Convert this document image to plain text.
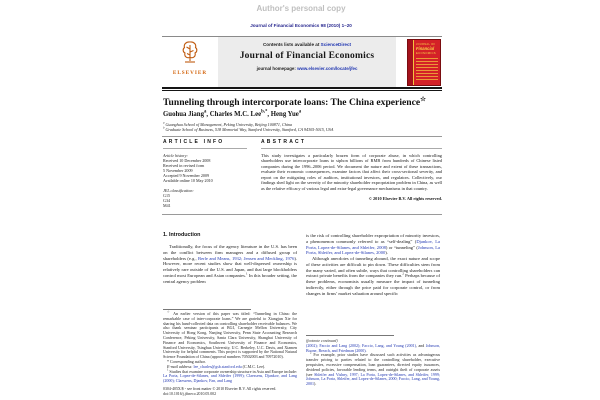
Author's personal copy
Journal of Financial Economics 98 (2010) 1–20
ELSEVIER
Contents lists available at ScienceDirect
Journal of Financial Economics
journal homepage: www.elsevier.com/locate/jfec
JOURNAL OF
Financial
ECONOMICS
Tunneling through intercorporate loans: The China experience☆
Guohua Jiang$^a$, Charles M.C. Lee$^{b,*}$, Heng Yue$^a$
$^a$ Guanghua School of Management, Peking University, Beijing 100871, China
$^b$ Graduate School of Business, 518 Memorial Way, Stanford University, Stanford, CA 94305-5015, USA
ARTICLE INFO
Article history:
Received 10 December 2008
Received in revised form
5 November 2009
Accepted 9 November 2009
Available online 10 May 2010
JEL classification:
G15
G34
M41
ABSTRACT
This study investigates a particularly brazen form of corporate abuse, in which controlling shareholders use intercorporate loans to siphon billions of RMB from hundreds of Chinese listed companies during the 1996–2006 period. We document the nature and extent of these transactions, evaluate their economic consequences, examine factors that affect their cross-sectional severity, and report on the mitigating roles of auditors, institutional investors, and regulators. Collectively, our findings shed light on the severity of the minority shareholder expropriation problem in China, as well as the relative efficacy of various legal and extra-legal governance mechanisms in that country.
© 2010 Elsevier B.V. All rights reserved.
1. Introduction
Traditionally, the focus of the agency literature in the U.S. has been on the conflict between firm managers and a diffused group of shareholders (e.g., Berle and Means, 1932; Jensen and Meckling, 1976). However, more recent studies show that well-dispersed ownership is relatively rare outside of the U.S. and Japan, and that large blockholders control most European and Asian companies.$^1$ In this broader setting, the central agency problem
☆ An earlier version of this paper was titled: “Tunneling in China: the remarkable case of inter-corporate loans.” We are grateful to Xiangjun Xie for sharing his hand-collected data on controlling shareholder receivable balances. We also thank seminar participants at BGI, Carnegie Mellon University, City University of Hong Kong, Nanjing University, Penn State Accounting Research Conference, Peking University, Santa Clara University, Shanghai University of Finance and Economics, Southwest University of Finance and Economics, Stanford University, Tsinghua University, U.C. Berkeley, U.C. Davis, and Xiamen University for helpful comments. This project is supported by the National Natural Science Foundation of China (approval numbers 70502003 and 70972010).
* Corresponding author.
E-mail address: lee_charles@gsb.stanford.edu (C.M.C. Lee).
$^1$ Studies that examine corporate ownership structure in Asia and Europe include: La Porta, Lopez-de-Silanes, and Shleifer (1999); Claessens, Djankov, and Lang (2000); Claessens, Djankov, Fan, and Lang
0304-405X/$ - see front matter © 2010 Elsevier B.V. All rights reserved.
doi:10.1016/j.jfineco.2010.05.002
is the risk of controlling shareholder expropriation of minority investors, a phenomenon commonly referred to as “self-dealing” (Djankov, La Porta, Lopez-de-Silanes, and Shleifer, 2008) or “tunneling” (Johnson, La Porta, Shleifer, and Lopez-de-Silanes, 2000).
Although anecdotes of tunneling abound, the exact nature and scope of these activities are difficult to pin down. These difficulties stem from the many varied, and often subtle, ways that controlling shareholders can extract private benefits from the companies they run.$^2$ Perhaps because of these problems, economists usually measure the impact of tunneling indirectly, either through the price paid for corporate control, or from changes in firms’ market valuation around specific
(footnote continued)
(2002); Faccio and Lang (2002); Faccio, Lang, and Young (2001), and Johnson, Boone, Breach, and Friedman (2000).
$^2$ For example, prior studies have discussed such activities as advantageous transfer pricing to parties related to the controlling shareholder, executive perquisites, excessive compensation, loan guarantees, directed equity issuances, dividend policies, favorable lending terms, and outright theft of corporate assets (see Shleifer and Vishny, 1997; La Porta, Lopez-de-Silanes, and Shleifer, 1999; Johnson, La Porta, Shleifer, and Lopez-de-Silanes, 2000; Faccio, Lang, and Young, 2001).
